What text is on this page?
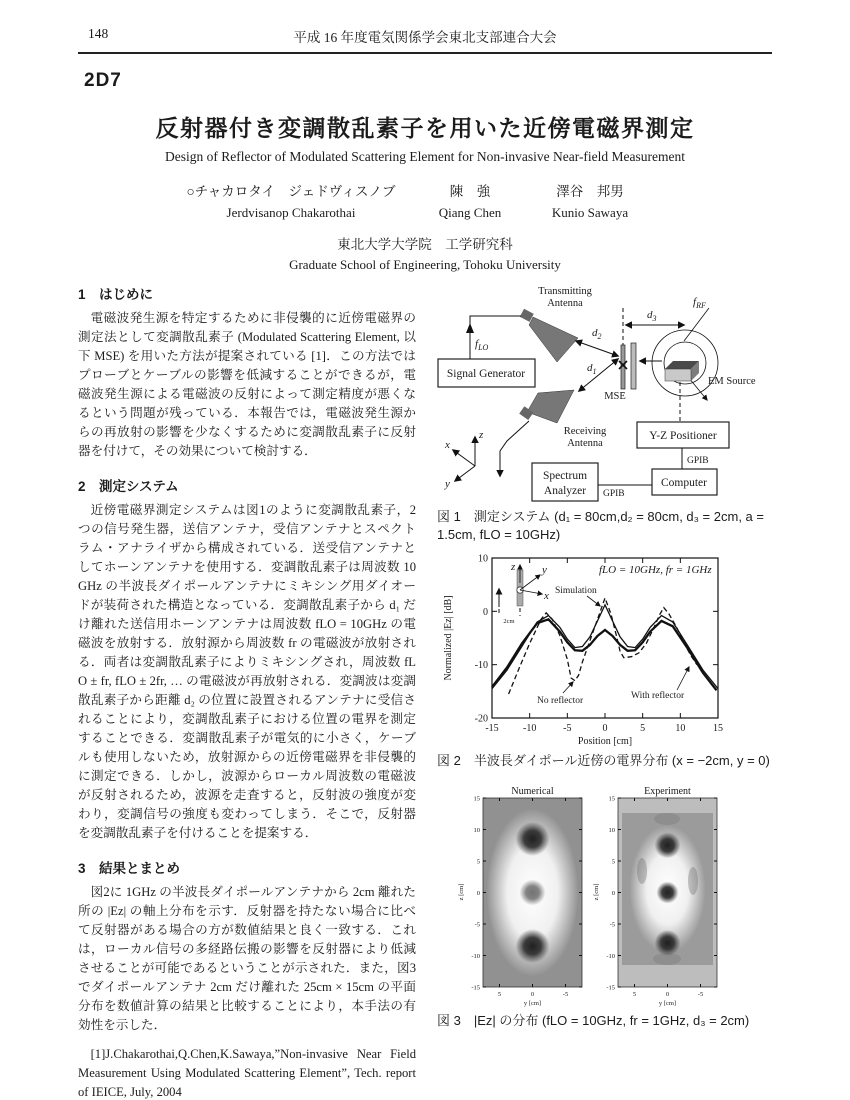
148	平成 16 年度電気関係学会東北支部連合大会
2D7
反射器付き変調散乱素子を用いた近傍電磁界測定
Design of Reflector of Modulated Scattering Element for Non-invasive Near-field Measurement
○チャカロタイ　ジェドヴィスノブ
Jerdvisanop Chakarothai
陳　強
Qiang Chen
澤谷　邦男
Kunio Sawaya
東北大学大学院　工学研究科
Graduate School of Engineering, Tohoku University
1　はじめに

電磁波発生源を特定するために非侵襲的に近傍電磁界の測定法として変調散乱素子 (Modulated Scattering Element, 以下 MSE) を用いた方法が提案されている [1]．この方法ではプローブとケーブルの影響を低減することができるが，電磁波発生源による電磁波の反射によって測定精度が悪くなるという問題が残っている．本報告では，電磁波発生源からの再放射の影響を少なくするために変調散乱素子に反射器を付けて，その効果について検討する．

2　測定システム

近傍電磁界測定システムは図1のように変調散乱素子，2つの信号発生器，送信アンテナ，受信アンテナとスペクトラム・アナライザから構成されている．送受信アンテナとしてホーンアンテナを使用する．変調散乱素子は周波数 10GHz の半波長ダイポールアンテナにミキシング用ダイオードが装荷された構造となっている．変調散乱素子から d₁ だけ離れた送信用ホーンアンテナは周波数 fLO = 10GHz の電磁波を放射する．放射源から周波数 fr の電磁波が放射される．両者は変調散乱素子によりミキシングされ，周波数 fLO ± fr, fLO ± 2fr, … の電磁波が再放射される．変調波は変調散乱素子から距離 d₂ の位置に設置されるアンテナに受信されることにより，変調散乱素子における位置の電界を測定することできる．変調散乱素子が電気的に小さく，ケーブルも使用しないため，放射源からの近傍電磁界を非侵襲的に測定できる．しかし，波源からローカル周波数の電磁波が反射されるため，波源を走査すると，反射波の強度が変わり，変調信号の強度も変わってしまう．そこで，反射器を変調散乱素子を付けることを提案する．

3　結果とまとめ

図2に 1GHz の半波長ダイポールアンテナから 2cm 離れた所の |Ez| の軸上分布を示す．反射器を持たない場合に比べて反射器がある場合の方が数値結果と良く一致する．これは，ローカル信号の多経路伝搬の影響を反射器により低減させることが可能であるということが示された．また，図3でダイポールアンテナ 2cm だけ離れた 25cm × 15cm の平面分布を数値計算の結果と比較することにより，本手法の有効性を示した．

[1]J.Chakarothai,Q.Chen,K.Sawaya,”Non-invasive Near Field Measurement Using Modulated Scattering Element”, Tech. report of IEICE, July, 2004

Transmitting
Antenna
Signal Generator
$f_{LO}$
$d_2$
MSE
$d_3$
$f_{RF}$
EM Source
$d_1$
Receiving
Antenna
z
x
y
Spectrum
Analyzer
Computer
Y-Z Positioner
GPIB
GPIB
図 1　測定システム (d₁ = 80cm,d₂ = 80cm, d₃ = 2cm, a = 1.5cm, fLO = 10GHz)
-15 -10	-5	0	5	10	15
10
0
-10
-20
Normalized |Ez| [dB]
Position [cm]
fLO = 10GHz, fr = 1GHz
Simulation
No reflector	With reflector
z y
x
2cm
図 2　半波長ダイポール近傍の電界分布 (x = −2cm, y = 0)
Numerical	Experiment
15
10
5
0
-5
-10
-15
5	0	-5
15
10
5
0
-5
-10
-15
5	0	-5
z [cm]	z [cm]
y [cm]	y [cm]
図 3　|Ez| の分布 (fLO = 10GHz, fr = 1GHz, d₃ = 2cm)
